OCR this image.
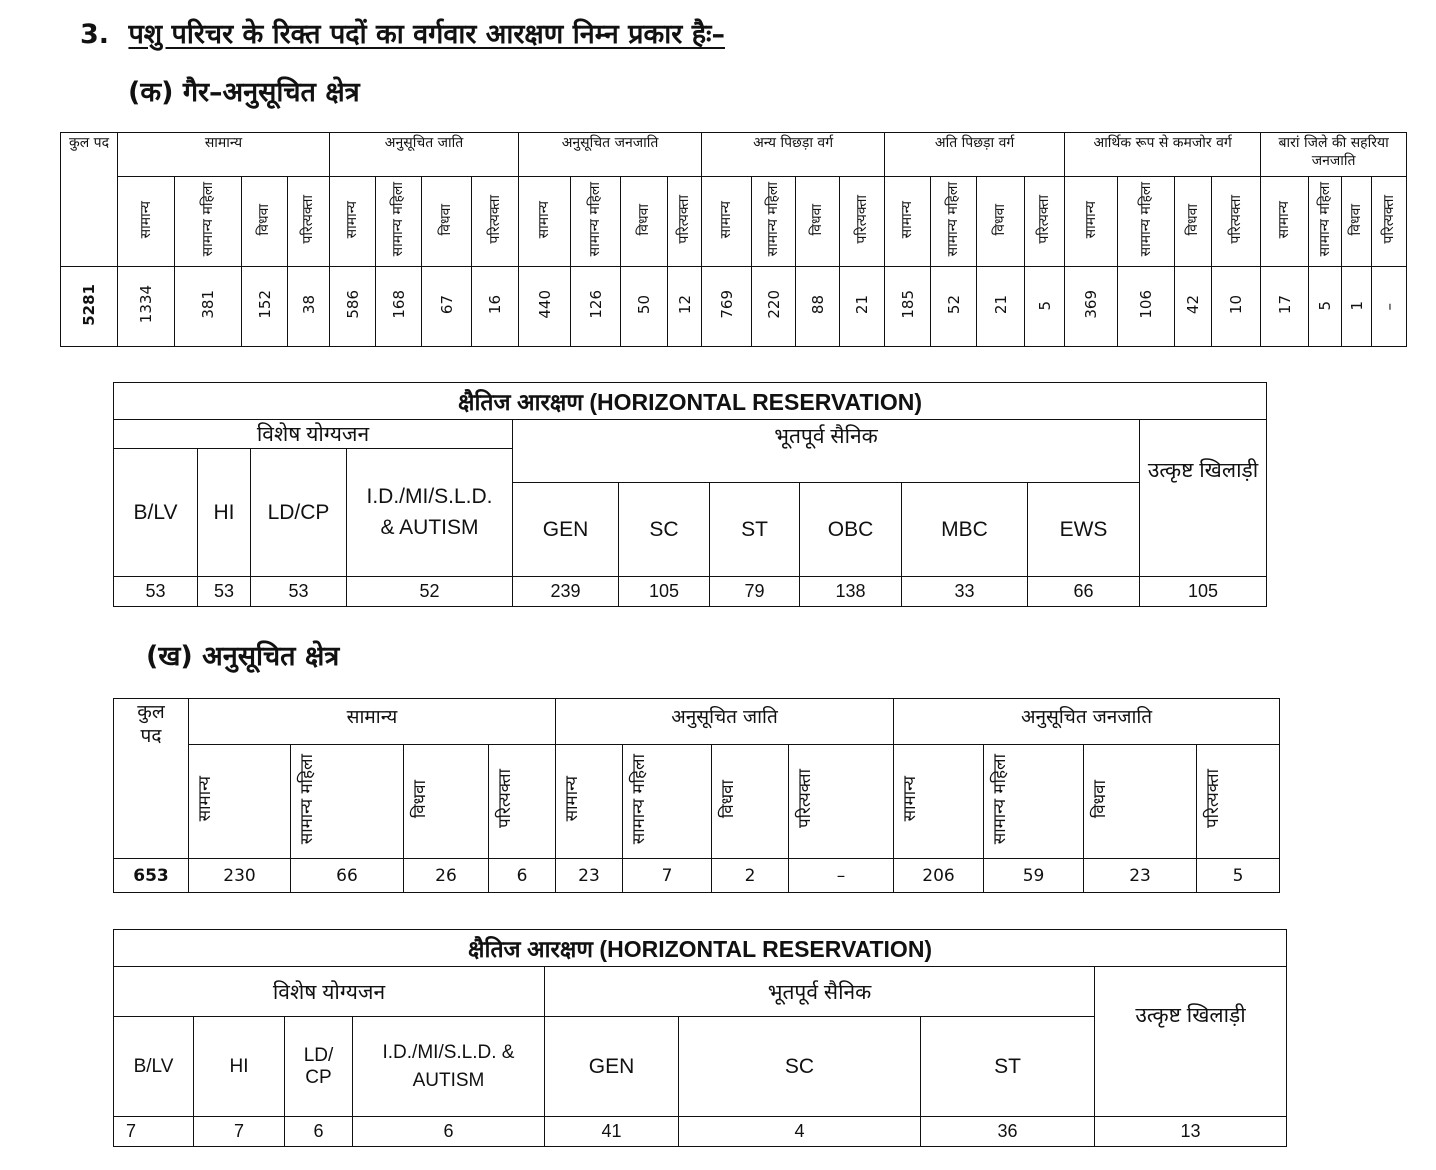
3. पशु परिचर के रिक्त पदों का वर्गवार आरक्षण निम्न प्रकार हैः–
(क) गैर–अनुसूचित क्षेत्र
कुल पद	सामान्य				अनुसूचित जाति				अनुसूचित जनजाति				अन्य पिछड़ा वर्ग				अति पिछड़ा वर्ग				आर्थिक रूप से कमजोर वर्ग				बारां जिले की सहरिया जनजाति			
	सामान्य	सामान्य महिला	विधवा	परित्यक्ता	सामान्य	सामान्य महिला	विधवा	परित्यक्ता	सामान्य	सामान्य महिला	विधवा	परित्यक्ता	सामान्य	सामान्य महिला	विधवा	परित्यक्ता	सामान्य	सामान्य महिला	विधवा	परित्यक्ता	सामान्य	सामान्य महिला	विधवा	परित्यक्ता	सामान्य	सामान्य महिला	विधवा	परित्यक्ता
5281	1334	381	152	38	586	168	67	16	440	126	50	12	769	220	88	21	185	52	21	5	369	106	42	10	17	5	1	–
क्षैतिज आरक्षण (HORIZONTAL RESERVATION)										
विशेष योग्यजन				भूतपूर्व सैनिक						उत्कृष्ट खिलाड़ी
B/LV	HI	LD/CP	I.D./MI/S.L.D. & AUTISM							
				GEN	SC	ST	OBC	MBC	EWS	
53	53	53	52	239	105	79	138	33	66	105
(ख) अनुसूचित क्षेत्र
कुल पद	सामान्य				अनुसूचित जाति				अनुसूचित जनजाति			
	सामान्य	सामान्य महिला	विधवा	परित्यक्ता	सामान्य	सामान्य महिला	विधवा	परित्यक्ता	सामान्य	सामान्य महिला	विधवा	परित्यक्ता
653	230	66	26	6	23	7	2	–	206	59	23	5
क्षैतिज आरक्षण (HORIZONTAL RESERVATION)							
विशेष योग्यजन				भूतपूर्व सैनिक			उत्कृष्ट खिलाड़ी
B/LV	HI	LD/ CP	I.D./MI/S.L.D. & AUTISM	GEN	SC	ST	
7	7	6	6	41	4	36	13
